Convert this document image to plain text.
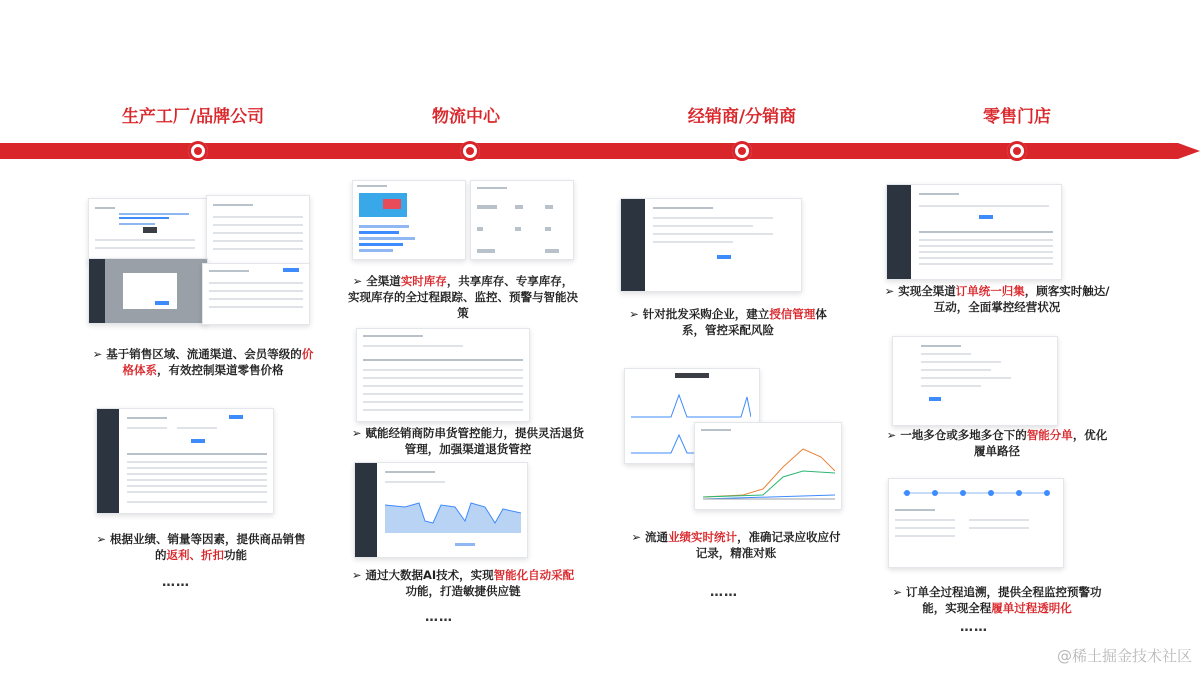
生产工厂/品牌公司	物流中心	经销商/分销商	零售门店
➢ 基于销售区域、流通渠道、会员等级的价格体系，有效控制渠道零售价格
➢ 根据业绩、销量等因素，提供商品销售的返利、折扣功能
……
➢ 全渠道实时库存，共享库存、专享库存，实现库存的全过程跟踪、监控、预警与智能决策
➢ 赋能经销商防串货管控能力，提供灵活退货管理，加强渠道退货管控
➢ 通过大数据AI技术，实现智能化自动采配功能，打造敏捷供应链
……
➢ 针对批发采购企业，建立授信管理体系，管控采配风险
➢ 流通业绩实时统计，准确记录应收应付记录，精准对账
……
➢ 实现全渠道订单统一归集，顾客实时触达/互动，全面掌控经营状况
➢ 一地多仓或多地多仓下的智能分单，优化履单路径
➢ 订单全过程追溯，提供全程监控预警功能，实现全程履单过程透明化
……
@稀土掘金技术社区
